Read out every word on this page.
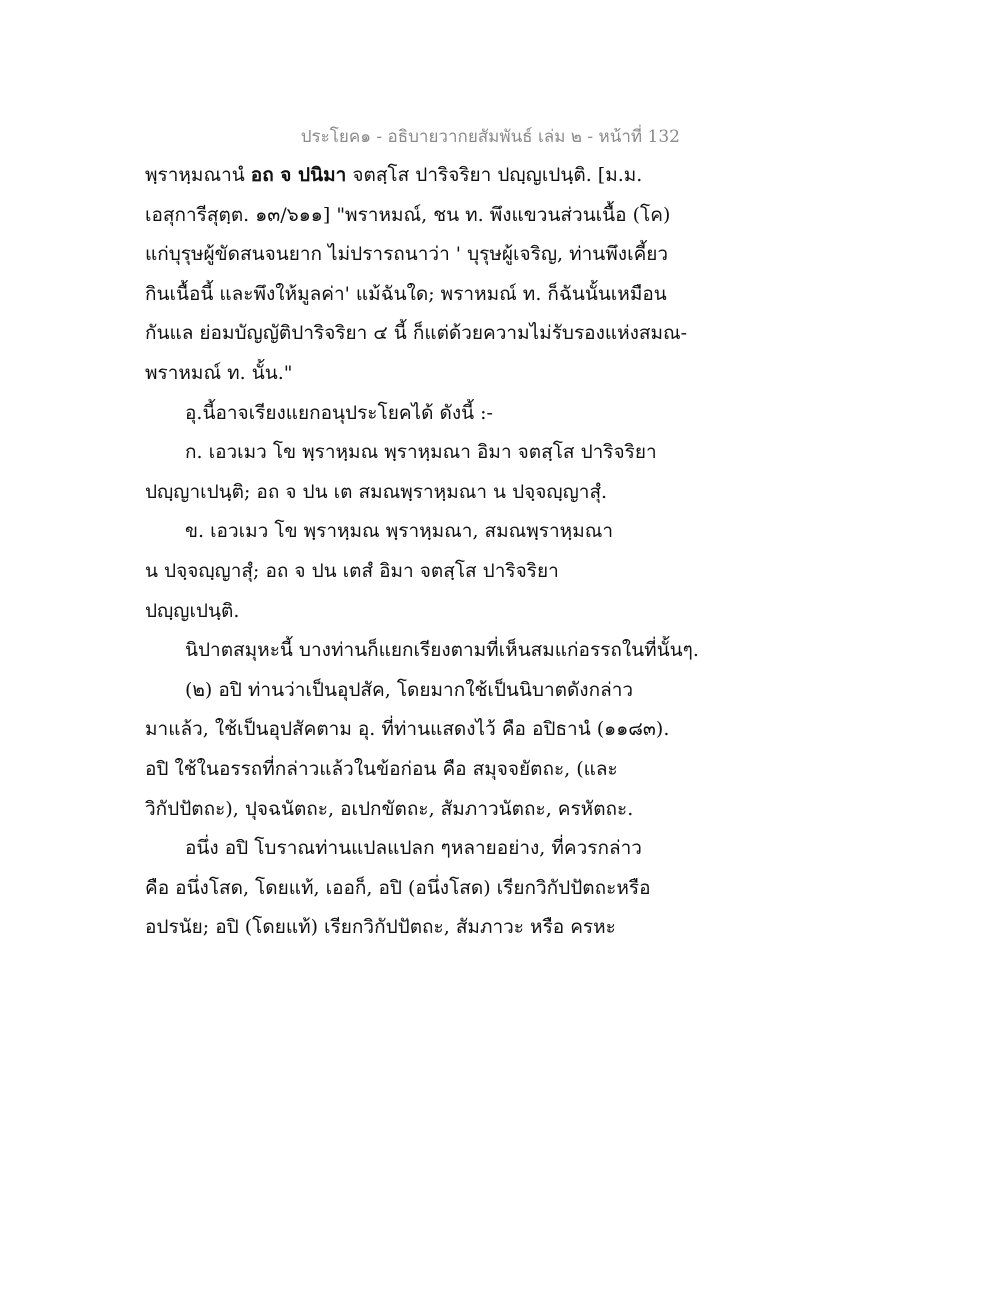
ประโยค๑ - อธิบายวากยสัมพันธ์ เล่ม ๒ - หน้าที่ 132
พฺราหฺมณานํ อถ จ ปนิมา จตสฺโส ปาริจริยา ปญฺญเปนฺติ. [ม.ม.
เอสุการีสุตฺต. ๑๓/๖๑๑] "พราหมณ์, ชน ท. พึงแขวนส่วนเนื้อ (โค)
แก่บุรุษผู้ขัดสนจนยาก ไม่ปรารถนาว่า ' บุรุษผู้เจริญ, ท่านพึงเคี้ยว
กินเนื้อนี้ และพึงให้มูลค่า' แม้ฉันใด; พราหมณ์ ท. ก็ฉันนั้นเหมือน
กันแล ย่อมบัญญัติปาริจริยา ๔ นี้ ก็แต่ด้วยความไม่รับรองแห่งสมณ-
พราหมณ์ ท. นั้น."
อุ.นี้อาจเรียงแยกอนุประโยคได้ ดังนี้ :-
ก. เอวเมว โข พฺราหฺมณ พฺราหฺมณา อิมา จตสฺโส ปาริจริยา
ปญฺญาเปนฺติ; อถ จ ปน เต สมณพฺราหฺมณา น ปจฺจญฺญาสุํ.
ข. เอวเมว โข พฺราหฺมณ พฺราหฺมณา, สมณพฺราหฺมณา
น ปจฺจญฺญาสุํ; อถ จ ปน เตสํ อิมา จตสฺโส ปาริจริยา
ปญฺญเปนฺติ.
นิปาตสมุหะนี้ บางท่านก็แยกเรียงตามที่เห็นสมแก่อรรถในที่นั้นๆ.
(๒) อปิ ท่านว่าเป็นอุปสัค, โดยมากใช้เป็นนิบาตดังกล่าว
มาแล้ว, ใช้เป็นอุปสัคตาม อุ. ที่ท่านแสดงไว้ คือ อปิธานํ (๑๑๘๓).
อปิ ใช้ในอรรถที่กล่าวแล้วในข้อก่อน คือ สมุจจยัตถะ, (และ
วิกัปปัตถะ), ปุจฉนัตถะ, อเปกขัตถะ, สัมภาวนัตถะ, ครหัตถะ.
อนึ่ง อปิ โบราณท่านแปลแปลก ๆหลายอย่าง, ที่ควรกล่าว
คือ อนึ่งโสด, โดยแท้, เออก็, อปิ (อนึ่งโสด) เรียกวิกัปปัตถะหรือ
อปรนัย; อปิ (โดยแท้) เรียกวิกัปปัตถะ, สัมภาวะ หรือ ครหะ
